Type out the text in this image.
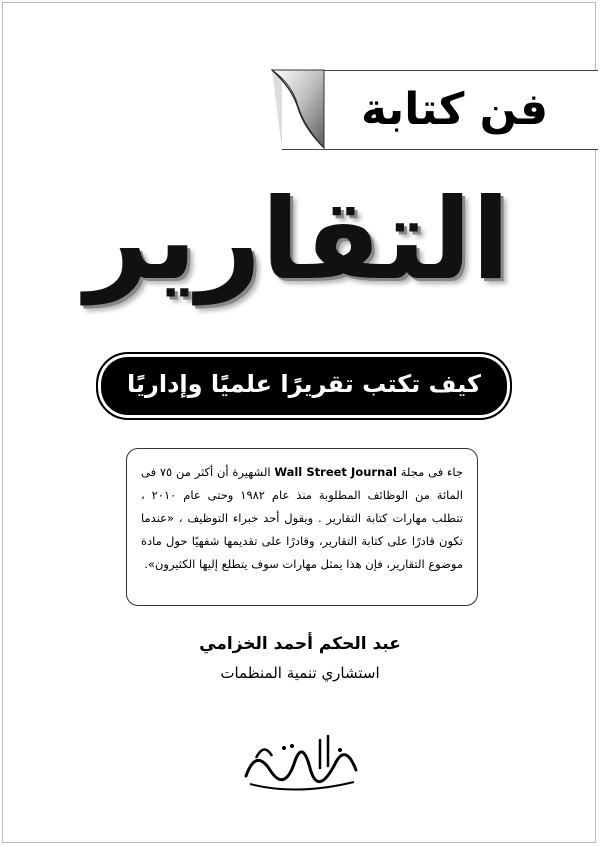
فن كتابة
التقارير
كيف تكتب تقريرًا علميًا وإداريًا ومهنيًا بنجاح؟
جاء فى مجلة Wall Street Journal الشهيرة أن أكثر من ٧٥ فى المائة من الوظائف المطلوبة منذ عام ١٩٨٢ وحتى عام ٢٠١٠ ، تتطلب مهارات كتابة التقارير . ويقول أحد خبراء التوظيف ، «عندما تكون قادرًا على كتابة التقارير، وقادرًا على تقديمها شفهيًا حول مادة موضوع التقارير، فإن هذا يمثل مهارات سوف يتطلع إليها الكثيرون».
عبد الحكم أحمد الخزامي
استشاري تنمية المنظمات
